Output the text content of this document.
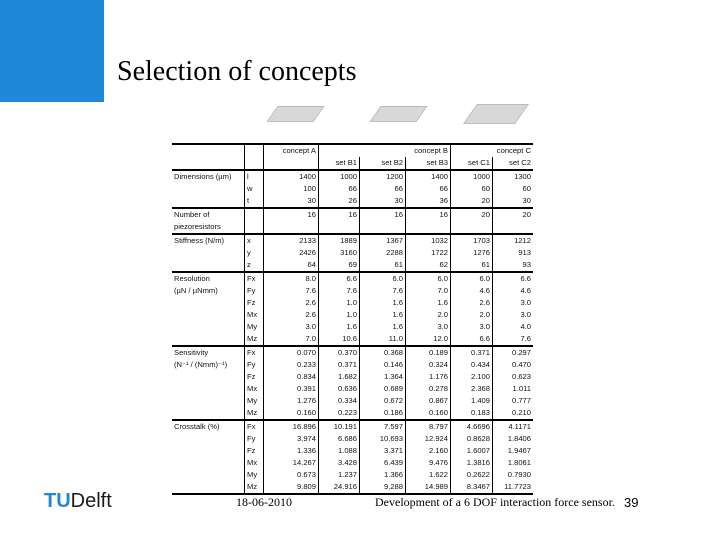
Selection of concepts
		concept A	concept B			concept C	
			set B1	set B2	set B3	set C1	set C2
Dimensions (µm)	l	1400	1000	1200	1400	1000	1300
	w	100	66	66	66	60	60
	t	30	26	30	36	20	30
Number of		16	16	16	16	20	20
piezoresistors							
Stiffness (N/m)	x	2133	1889	1367	1032	1703	1212
	y	2426	3160	2288	1722	1276	913
	z	64	69	61	62	61	93
Resolution	Fx	8.0	6.6	6.0	6.0	6.0	6.6
(µN / µNmm)	Fy	7.6	7.6	7.6	7.0	4.6	4.6
	Fz	2.6	1.0	1.6	1.6	2.6	3.0
	Mx	2.6	1.0	1.6	2.0	2.0	3.0
	My	3.0	1.6	1.6	3.0	3.0	4.0
	Mz	7.0	10.6	11.0	12.0	6.6	7.6
Sensitivity	Fx	0.070	0.370	0.368	0.189	0.371	0.297
(N⁻¹ / (Nmm)⁻¹)	Fy	0.233	0.371	0.146	0.324	0.434	0.470
	Fz	0.834	1.682	1.364	1.176	2.100	0.623
	Mx	0.391	0.636	0.689	0.278	2.368	1.011
	My	1.276	0.334	0.672	0.867	1.409	0.777
	Mz	0.160	0.223	0.186	0.160	0.183	0.210
Crosstalk (%)	Fx	16.896	10.191	7.597	8.797	4.6696	4.1171
	Fy	3.974	6.686	10.693	12.924	0.8628	1.8406
	Fz	1.336	1.088	3.371	2.160	1.6007	1.9467
	Mx	14.267	3.428	6.439	9.476	1.3816	1.8061
	My	0.673	1.237	1.366	1.622	0.2622	0.7930
	Mz	9.809	24.916	9.288	14.989	8.3467	11.7723

TUDelft	18-06-2010	Development of a 6 DOF interaction force sensor. 39
